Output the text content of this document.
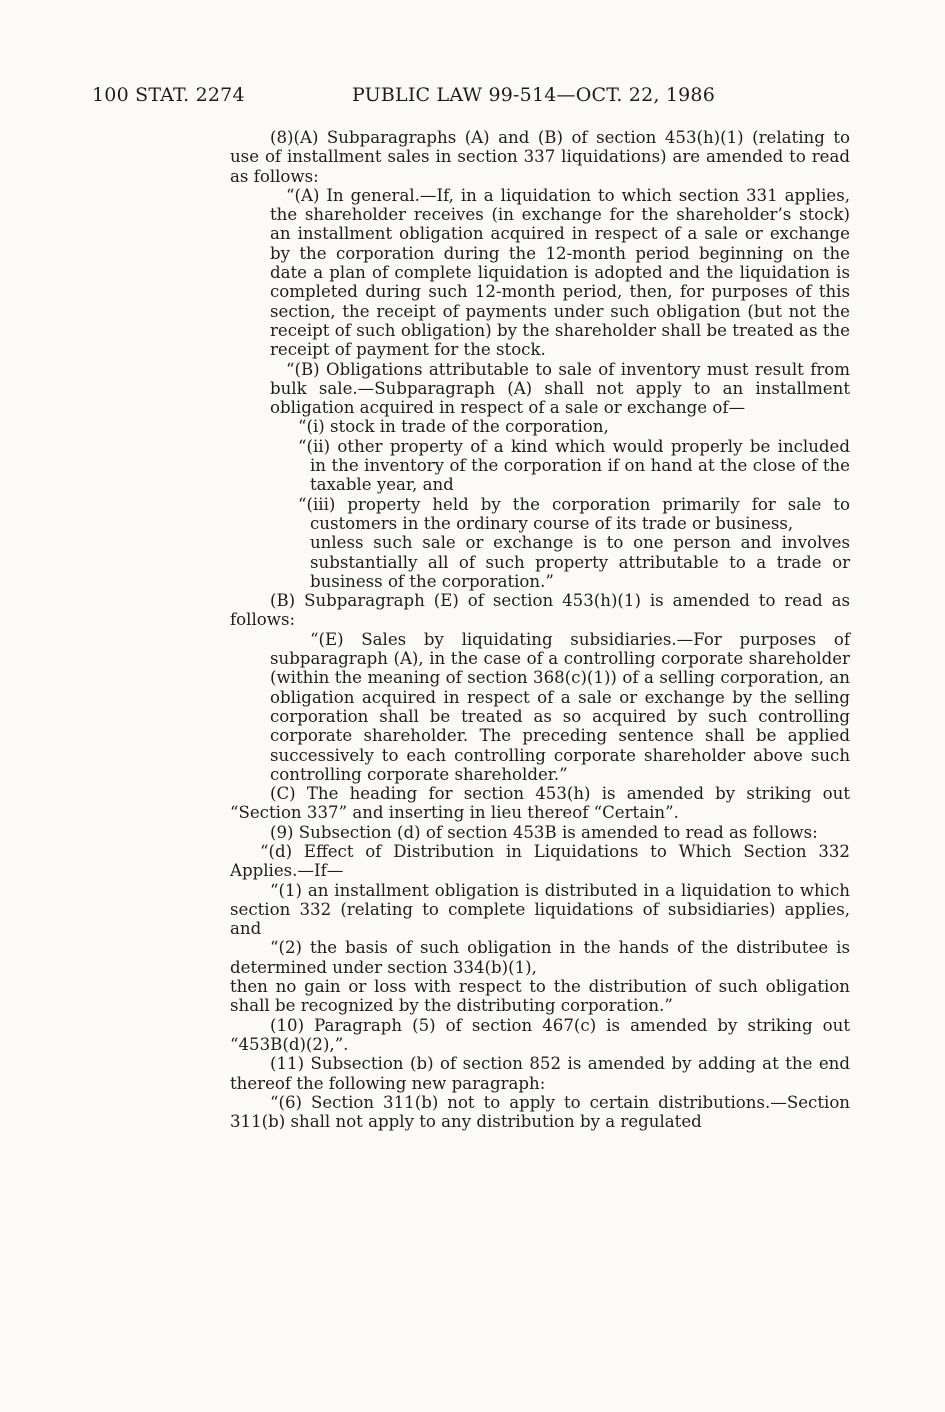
100 STAT. 2274	PUBLIC LAW 99-514—OCT. 22, 1986

(8)(A) Subparagraphs (A) and (B) of section 453(h)(1) (relating to use of installment sales in section 337 liquidations) are amended to read as follows:

“(A) In general.—If, in a liquidation to which section 331 applies, the shareholder receives (in exchange for the shareholder’s stock) an installment obligation acquired in respect of a sale or exchange by the corporation during the 12-month period beginning on the date a plan of complete liquidation is adopted and the liquidation is completed during such 12-month period, then, for purposes of this section, the receipt of payments under such obligation (but not the receipt of such obligation) by the shareholder shall be treated as the receipt of payment for the stock.

“(B) Obligations attributable to sale of inventory must result from bulk sale.—Subparagraph (A) shall not apply to an installment obligation acquired in respect of a sale or exchange of—

“(i) stock in trade of the corporation,

“(ii) other property of a kind which would properly be included in the inventory of the corporation if on hand at the close of the taxable year, and

“(iii) property held by the corporation primarily for sale to customers in the ordinary course of its trade or business,

unless such sale or exchange is to one person and involves substantially all of such property attributable to a trade or business of the corporation.”

(B) Subparagraph (E) of section 453(h)(1) is amended to read as follows:

“(E) Sales by liquidating subsidiaries.—For purposes of subparagraph (A), in the case of a controlling corporate shareholder (within the meaning of section 368(c)(1)) of a selling corporation, an obligation acquired in respect of a sale or exchange by the selling corporation shall be treated as so acquired by such controlling corporate shareholder. The preceding sentence shall be applied successively to each controlling corporate shareholder above such controlling corporate shareholder.”

(C) The heading for section 453(h) is amended by striking out “Section 337” and inserting in lieu thereof “Certain”.

(9) Subsection (d) of section 453B is amended to read as follows:

“(d) Effect of Distribution in Liquidations to Which Section 332 Applies.—If—

“(1) an installment obligation is distributed in a liquidation to which section 332 (relating to complete liquidations of subsidiaries) applies, and

“(2) the basis of such obligation in the hands of the distributee is determined under section 334(b)(1),

then no gain or loss with respect to the distribution of such obligation shall be recognized by the distributing corporation.”

(10) Paragraph (5) of section 467(c) is amended by striking out “453B(d)(2),”.

(11) Subsection (b) of section 852 is amended by adding at the end thereof the following new paragraph:

“(6) Section 311(b) not to apply to certain distributions.—Section 311(b) shall not apply to any distribution by a regulated
